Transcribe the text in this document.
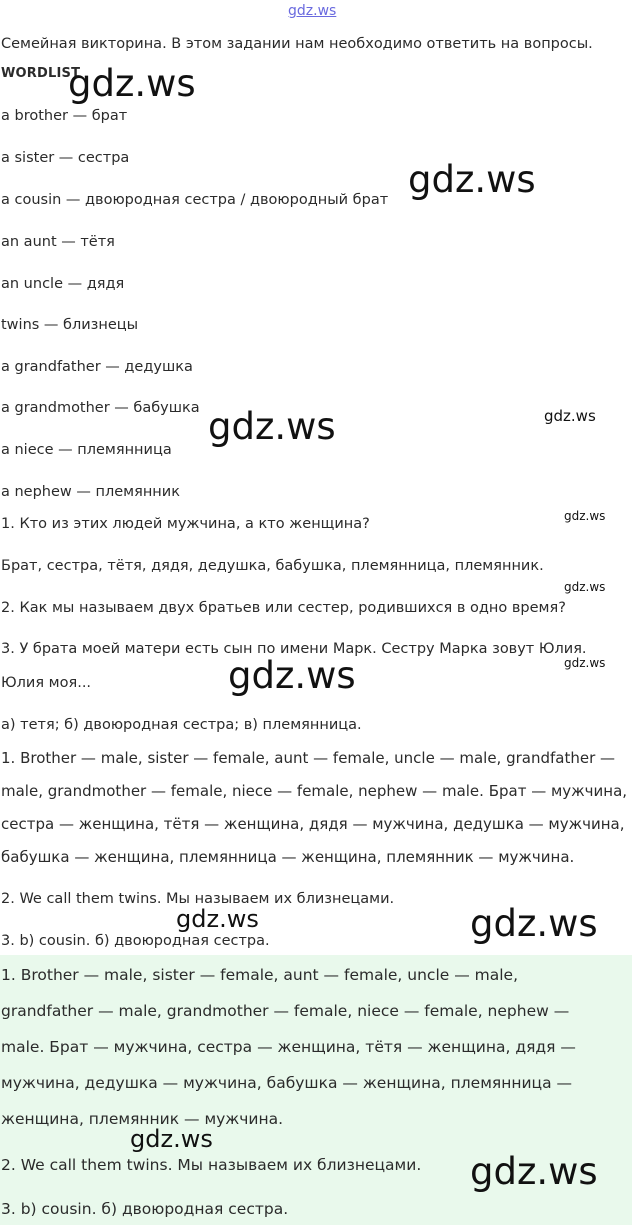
gdz.ws
Семейная викторина. В этом задании нам необходимо ответить на вопросы.
WORDLIST
a brother — брат
a sister — сестра
a cousin — двоюродная сестра / двоюродный брат
an aunt — тётя
an uncle — дядя
twins — близнецы
a grandfather — дедушка
a grandmother — бабушка
a niece — племянница
a nephew — племянник
1. Кто из этих людей мужчина, а кто женщина?
Брат, сестра, тётя, дядя, дедушка, бабушка, племянница, племянник.
2. Как мы называем двух братьев или сестер, родившихся в одно время?
3. У брата моей матери есть сын по имени Марк. Сестру Марка зовут Юлия.
Юлия моя...
а) тетя; б) двоюродная сестра; в) племянница.
1. Brother — male, sister — female, aunt — female, uncle — male, grandfather —
male, grandmother — female, niece — female, nephew — male. Брат — мужчина,
сестра — женщина, тётя — женщина, дядя — мужчина, дедушка — мужчина,
бабушка — женщина, племянница — женщина, племянник — мужчина.
2. We call them twins. Мы называем их близнецами.
3. b) cousin. б) двоюродная сестра.
1. Brother — male, sister — female, aunt — female, uncle — male,
grandfather — male, grandmother — female, niece — female, nephew —
male. Брат — мужчина, сестра — женщина, тётя — женщина, дядя —
мужчина, дедушка — мужчина, бабушка — женщина, племянница —
женщина, племянник — мужчина.
2. We call them twins. Мы называем их близнецами.
3. b) cousin. б) двоюродная сестра.
gdz.ws
gdz.ws
gdz.ws	gdz.ws
gdz.ws
gdz.ws
gdz.ws
gdz.ws
gdz.ws	gdz.ws
gdz.ws
gdz.ws
